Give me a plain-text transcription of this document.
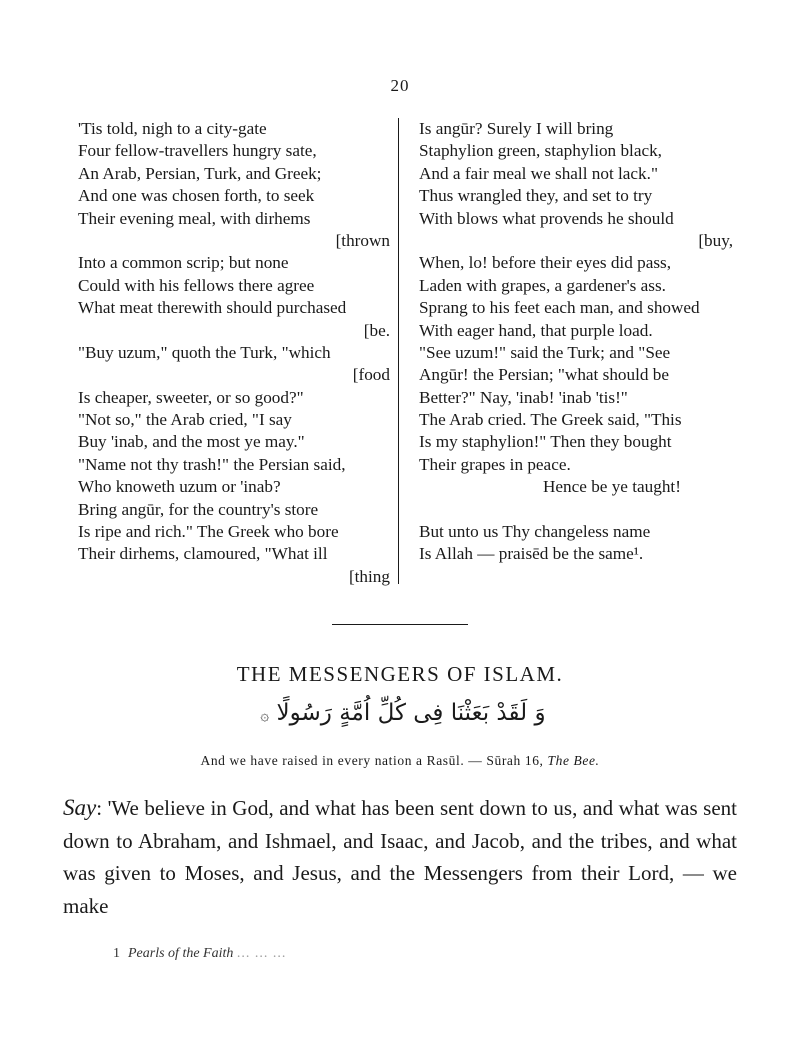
20
'Tis told, nigh to a city-gate
Four fellow-travellers hungry sate,
An Arab, Persian, Turk, and Greek;
And one was chosen forth, to seek
Their evening meal, with dirhems
[thrown
Into a common scrip; but none
Could with his fellows there agree
What meat therewith should purchased
[be.
"Buy uzum," quoth the Turk, "which
[food
Is cheaper, sweeter, or so good?"
"Not so," the Arab cried, "I say
Buy 'inab, and the most ye may."
"Name not thy trash!" the Persian said,
Who knoweth uzum or 'inab?
Bring angūr, for the country's store
Is ripe and rich." The Greek who bore
Their dirhems, clamoured, "What ill
[thing
Is angūr? Surely I will bring
Staphylion green, staphylion black,
And a fair meal we shall not lack."
Thus wrangled they, and set to try
With blows what provends he should
[buy,
When, lo! before their eyes did pass,
Laden with grapes, a gardener's ass.
Sprang to his feet each man, and showed
With eager hand, that purple load.
"See uzum!" said the Turk; and "See
Angūr! the Persian; "what should be
Better?" Nay, 'inab! 'inab 'tis!"
The Arab cried. The Greek said, "This
Is my staphylion!" Then they bought
Their grapes in peace.
Hence be ye taught!
But unto us Thy changeless name
Is Allah — praisēd be the same¹.
THE MESSENGERS OF ISLAM.
وَ لَقَدْ بَعَثْنَا فِى كُلِّ اُمَّةٍ رَسُولًا ۞
And we have raised in every nation a Rasūl. — Sūrah 16, The Bee.
Say: 'We believe in God, and what has been sent down to us, and what was sent down to Abraham, and Ishmael, and Isaac, and Jacob, and the tribes, and what was given to Moses, and Jesus, and the Messengers from their Lord, — we make
1 Pearls of the Faith ... ... ...
